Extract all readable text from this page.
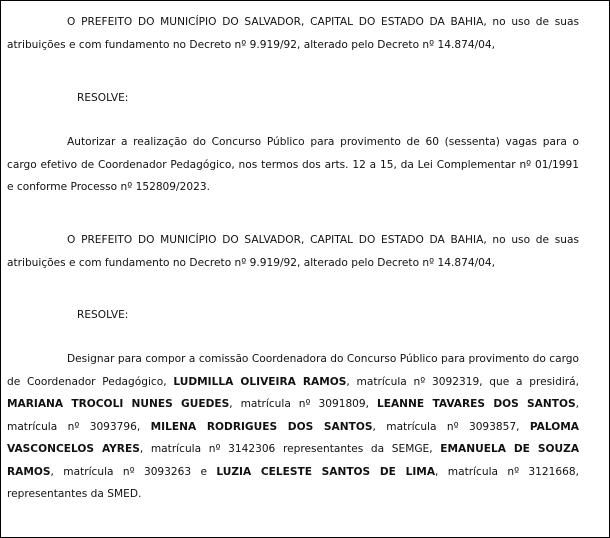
O PREFEITO DO MUNICÍPIO DO SALVADOR, CAPITAL DO ESTADO DA BAHIA, no uso de suas atribuições e com fundamento no Decreto nº 9.919/92, alterado pelo Decreto nº 14.874/04,

RESOLVE:

Autorizar a realização do Concurso Público para provimento de 60 (sessenta) vagas para o cargo efetivo de Coordenador Pedagógico, nos termos dos arts. 12 a 15, da Lei Complementar nº 01/1991 e conforme Processo nº 152809/2023.

O PREFEITO DO MUNICÍPIO DO SALVADOR, CAPITAL DO ESTADO DA BAHIA, no uso de suas atribuições e com fundamento no Decreto nº 9.919/92, alterado pelo Decreto nº 14.874/04,

RESOLVE:

Designar para compor a comissão Coordenadora do Concurso Público para provimento do cargo de Coordenador Pedagógico, LUDMILLA OLIVEIRA RAMOS, matrícula nº 3092319, que a presidirá, MARIANA TROCOLI NUNES GUEDES, matrícula nº 3091809, LEANNE TAVARES DOS SANTOS, matrícula nº 3093796, MILENA RODRIGUES DOS SANTOS, matrícula nº 3093857, PALOMA VASCONCELOS AYRES, matrícula nº 3142306 representantes da SEMGE, EMANUELA DE SOUZA RAMOS, matrícula nº 3093263 e LUZIA CELESTE SANTOS DE LIMA, matrícula nº 3121668, representantes da SMED.
